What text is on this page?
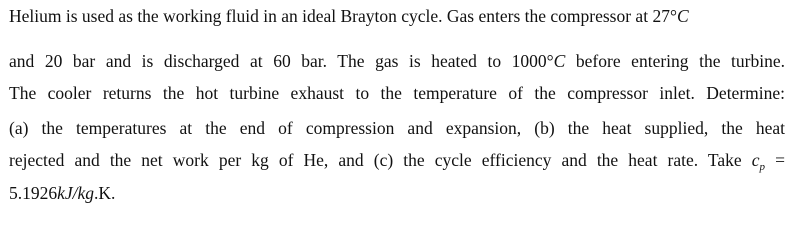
Helium is used as the working fluid in an ideal Brayton cycle. Gas enters the compressor at 27°C
and 20 bar and is discharged at 60 bar. The gas is heated to 1000°C before entering the turbine.
The cooler returns the hot turbine exhaust to the temperature of the compressor inlet. Determine:
(a) the temperatures at the end of compression and expansion, (b) the heat supplied, the heat
rejected and the net work per kg of He, and (c) the cycle efficiency and the heat rate. Take $c_p$ =
5.1926kJ/kg.K.
